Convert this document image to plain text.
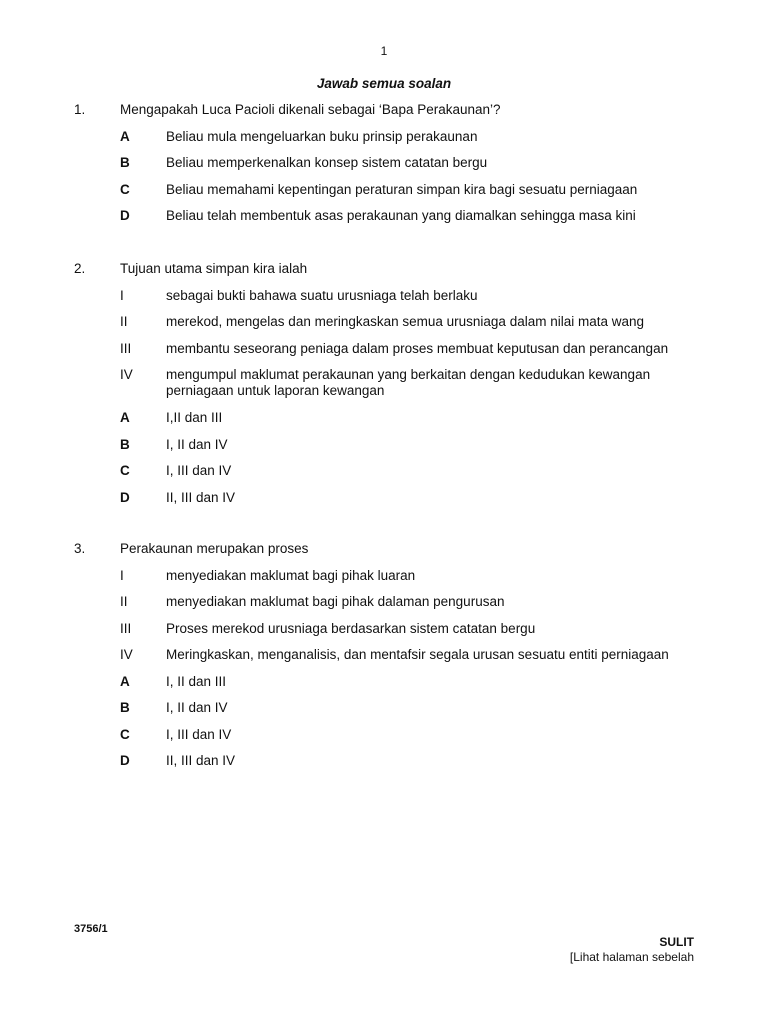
1
Jawab semua soalan
1.	Mengapakah Luca Pacioli dikenali sebagai ‘Bapa Perakaunan’?
A	Beliau mula mengeluarkan buku prinsip perakaunan
B	Beliau memperkenalkan konsep sistem catatan bergu
C	Beliau memahami kepentingan peraturan simpan kira bagi sesuatu perniagaan
D	Beliau telah membentuk asas perakaunan yang diamalkan sehingga masa kini
2.	Tujuan utama simpan kira ialah
I	sebagai bukti bahawa suatu urusniaga telah berlaku
II	merekod, mengelas dan meringkaskan semua urusniaga dalam nilai mata wang
III	membantu seseorang peniaga dalam proses membuat keputusan dan perancangan
IV mengumpul maklumat perakaunan yang berkaitan dengan kedudukan kewangan perniagaan untuk laporan kewangan
A	I,II dan III
B	I, II dan IV
C	I, III dan IV
D	II, III dan IV
3.	Perakaunan merupakan proses
I	menyediakan maklumat bagi pihak luaran
II	menyediakan maklumat bagi pihak dalaman pengurusan
III	Proses merekod urusniaga berdasarkan sistem catatan bergu
IV Meringkaskan, menganalisis, dan mentafsir segala urusan sesuatu entiti perniagaan
A	I, II dan III
B	I, II dan IV
C	I, III dan IV
D	II, III dan IV
3756/1
SULIT
[Lihat halaman sebelah
